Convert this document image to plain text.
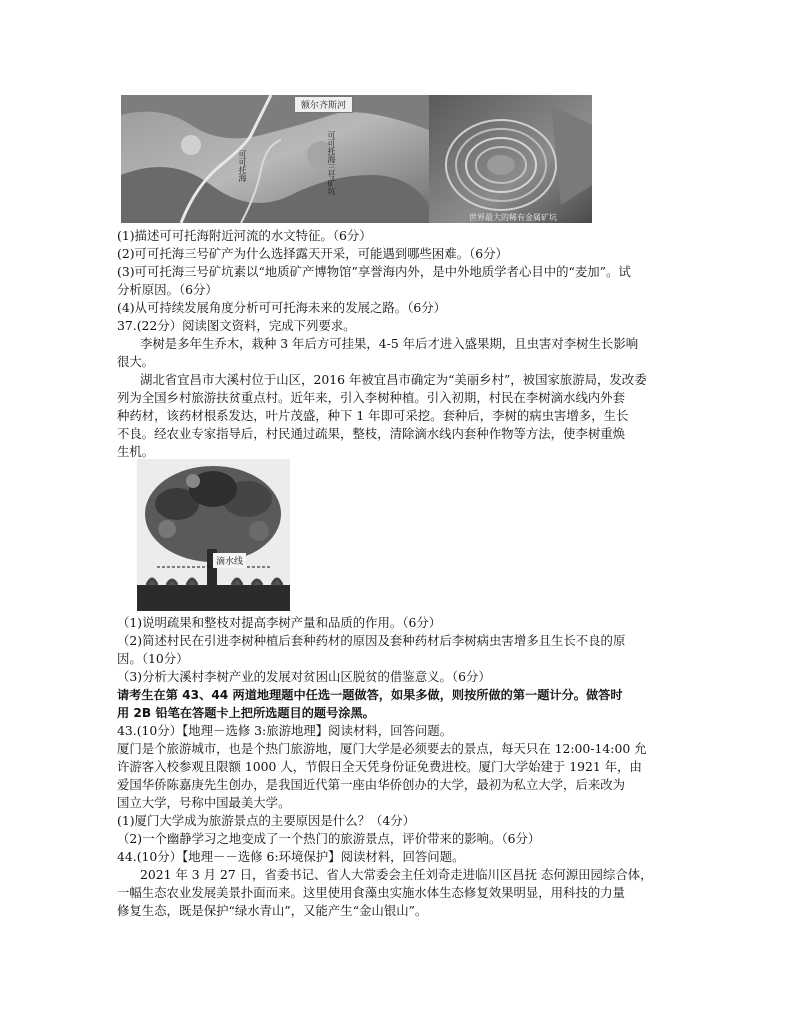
额尔齐斯河
可可托海	可可托海三号矿坑
世界最大的稀有金属矿坑
(1)描述可可托海附近河流的水文特征。（6分）
(2)可可托海三号矿产为什么选择露天开采，可能遇到哪些困难。（6分）
(3)可可托海三号矿坑素以“地质矿产博物馆”享誉海内外，是中外地质学者心目中的“麦加”。试
分析原因。（6分）
(4)从可持续发展角度分析可可托海未来的发展之路。（6分）
37.(22分）阅读图文资料，完成下列要求。
李树是多年生乔木，栽种 3 年后方可挂果，4-5 年后才进入盛果期，且虫害对李树生长影响
很大。
湖北省宜昌市大溪村位于山区，2016 年被宜昌市确定为“美丽乡村”，被国家旅游局，发改委
列为全国乡村旅游扶贫重点村。近年来，引入李树种植。引入初期，村民在李树滴水线内外套
种药材，该药材根系发达，叶片茂盛，种下 1 年即可采挖。套种后，李树的病虫害增多，生长
不良。经农业专家指导后，村民通过疏果，整枝，清除滴水线内套种作物等方法，使李树重焕
生机。
滴水线
（1)说明疏果和整枝对提高李树产量和品质的作用。（6分）
（2)简述村民在引进李树种植后套种药材的原因及套种药材后李树病虫害增多且生长不良的原
因。（10分）
（3)分析大溪村李树产业的发展对贫困山区脱贫的借鉴意义。（6分）
请考生在第 43、44 两道地理题中任选一题做答，如果多做，则按所做的第一题计分。做答时
用 2B 铅笔在答题卡上把所选题目的题号涂黑。
43.(10分）【地理－选修 3:旅游地理】阅读材料，回答问题。
厦门是个旅游城市，也是个热门旅游地，厦门大学是必须要去的景点，每天只在 12:00-14:00 允
许游客入校参观且限额 1000 人，节假日全天凭身份证免费进校。厦门大学始建于 1921 年，由
爱国华侨陈嘉庚先生创办，是我国近代第一座由华侨创办的大学，最初为私立大学，后来改为
国立大学，号称中国最美大学。
(1)厦门大学成为旅游景点的主要原因是什么？（4分）
（2)一个幽静学习之地变成了一个热门的旅游景点，评价带来的影响。（6分）
44.(10分）【地理－－选修 6:环境保护】阅读材料，回答问题。
2021 年 3 月 27 日，省委书记、省人大常委会主任刘奇走进临川区昌抚 态何源田园综合体，
一幅生态农业发展美景扑面而来。这里使用食藻虫实施水体生态修复效果明显，用科技的力量
修复生态，既是保护“绿水青山”，又能产生“金山银山”。
